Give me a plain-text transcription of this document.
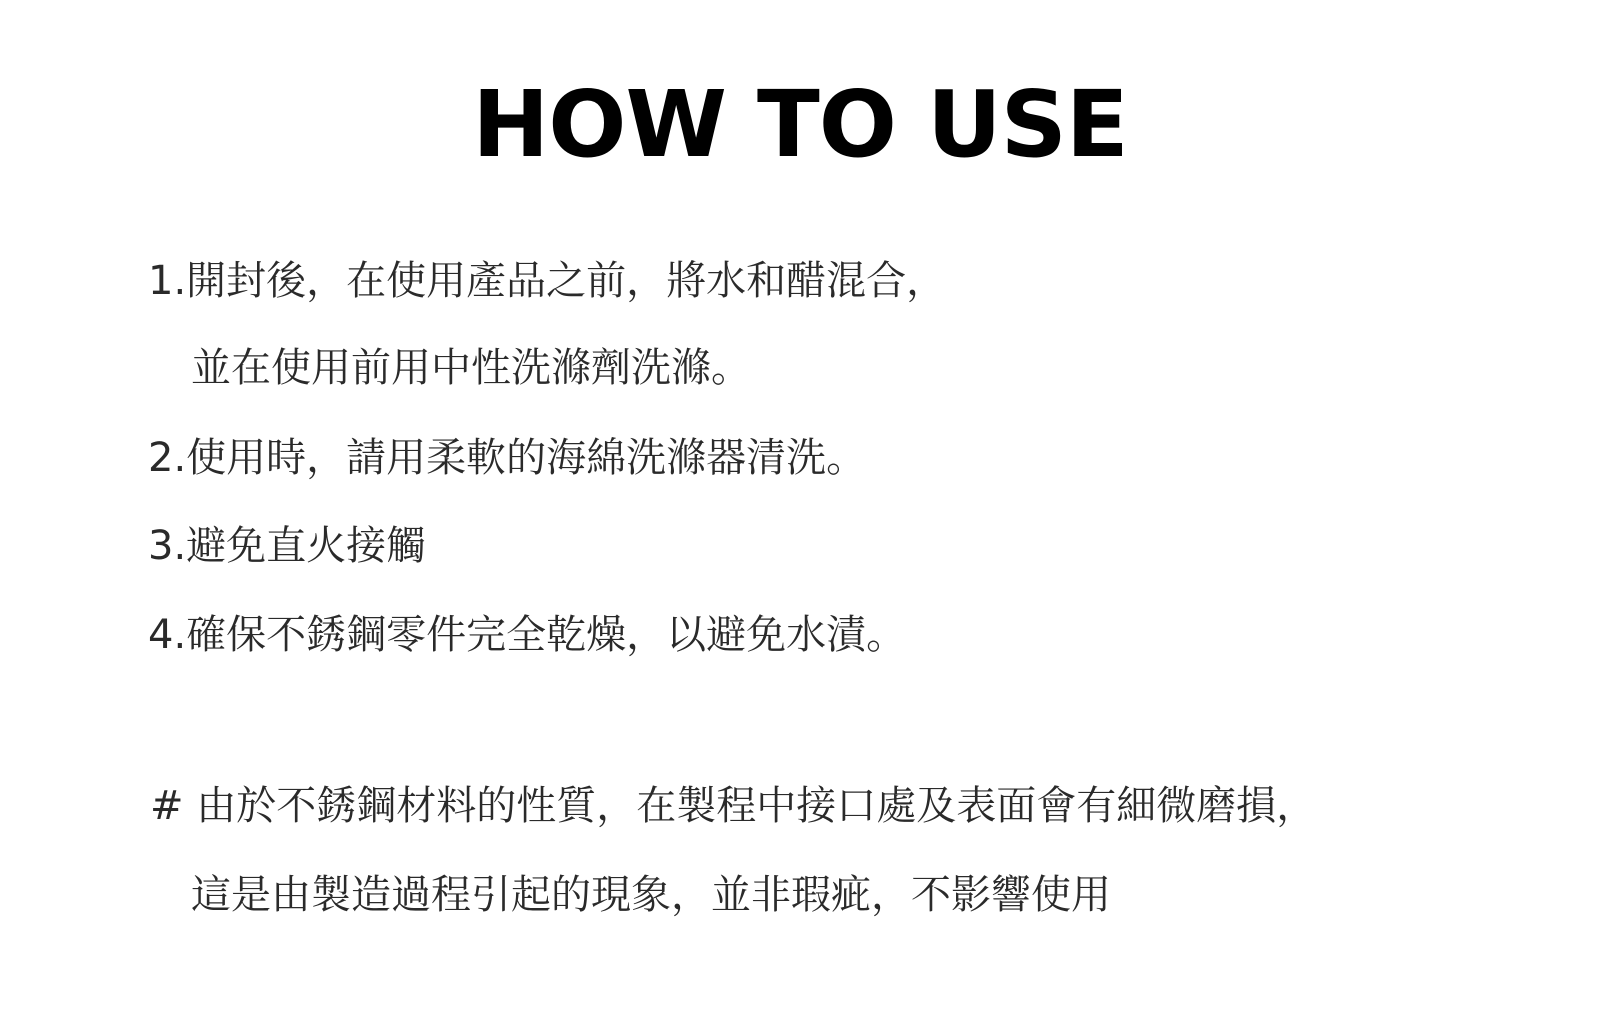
HOW TO USE
1.開封後，在使用產品之前，將水和醋混合，
並在使用前用中性洗滌劑洗滌。
2.使用時，請用柔軟的海綿洗滌器清洗。
3.避免直火接觸
4.確保不銹鋼零件完全乾燥，以避免水漬。
# 由於不銹鋼材料的性質，在製程中接口處及表面會有細微磨損，
這是由製造過程引起的現象，並非瑕疵，不影響使用
